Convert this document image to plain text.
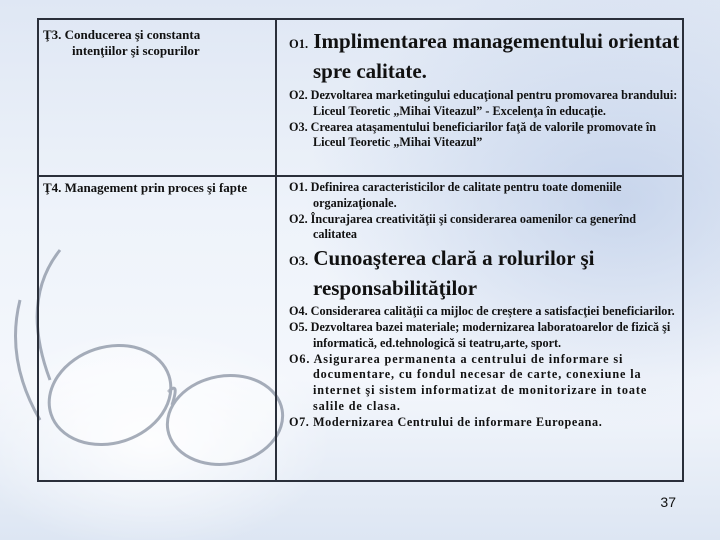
Ţ3. Conducerea şi constanta
intenţiilor şi scopurilor	O1. Implimentarea managementului orientat spre calitate.
O2. Dezvoltarea marketingului educaţional pentru promovarea brandului: Liceul Teoretic „Mihai Viteazul” - Excelenţa în educaţie.
O3. Crearea ataşamentului beneficiarilor faţă de valorile promovate în Liceul Teoretic „Mihai Viteazul”
Ţ4. Management prin proces şi fapte	O1. Definirea caracteristicilor de calitate pentru toate domeniile organizaţionale.
O2. Încurajarea creativităţii şi considerarea oamenilor ca generînd calitatea
O3. Cunoaşterea clară a rolurilor şi responsabilităţilor
O4. Considerarea calităţii ca mijloc de creştere a satisfacţiei beneficiarilor.
O5. Dezvoltarea bazei materiale; modernizarea laboratoarelor de fizică şi informatică, ed.tehnologică si teatru,arte, sport.
O6. Asigurarea permanenta a centrului de informare si documentare, cu fondul necesar de carte, conexiune la internet şi sistem informatizat de monitorizare in toate salile de clasa.
O7. Modernizarea Centrului de informare Europeana.
37
